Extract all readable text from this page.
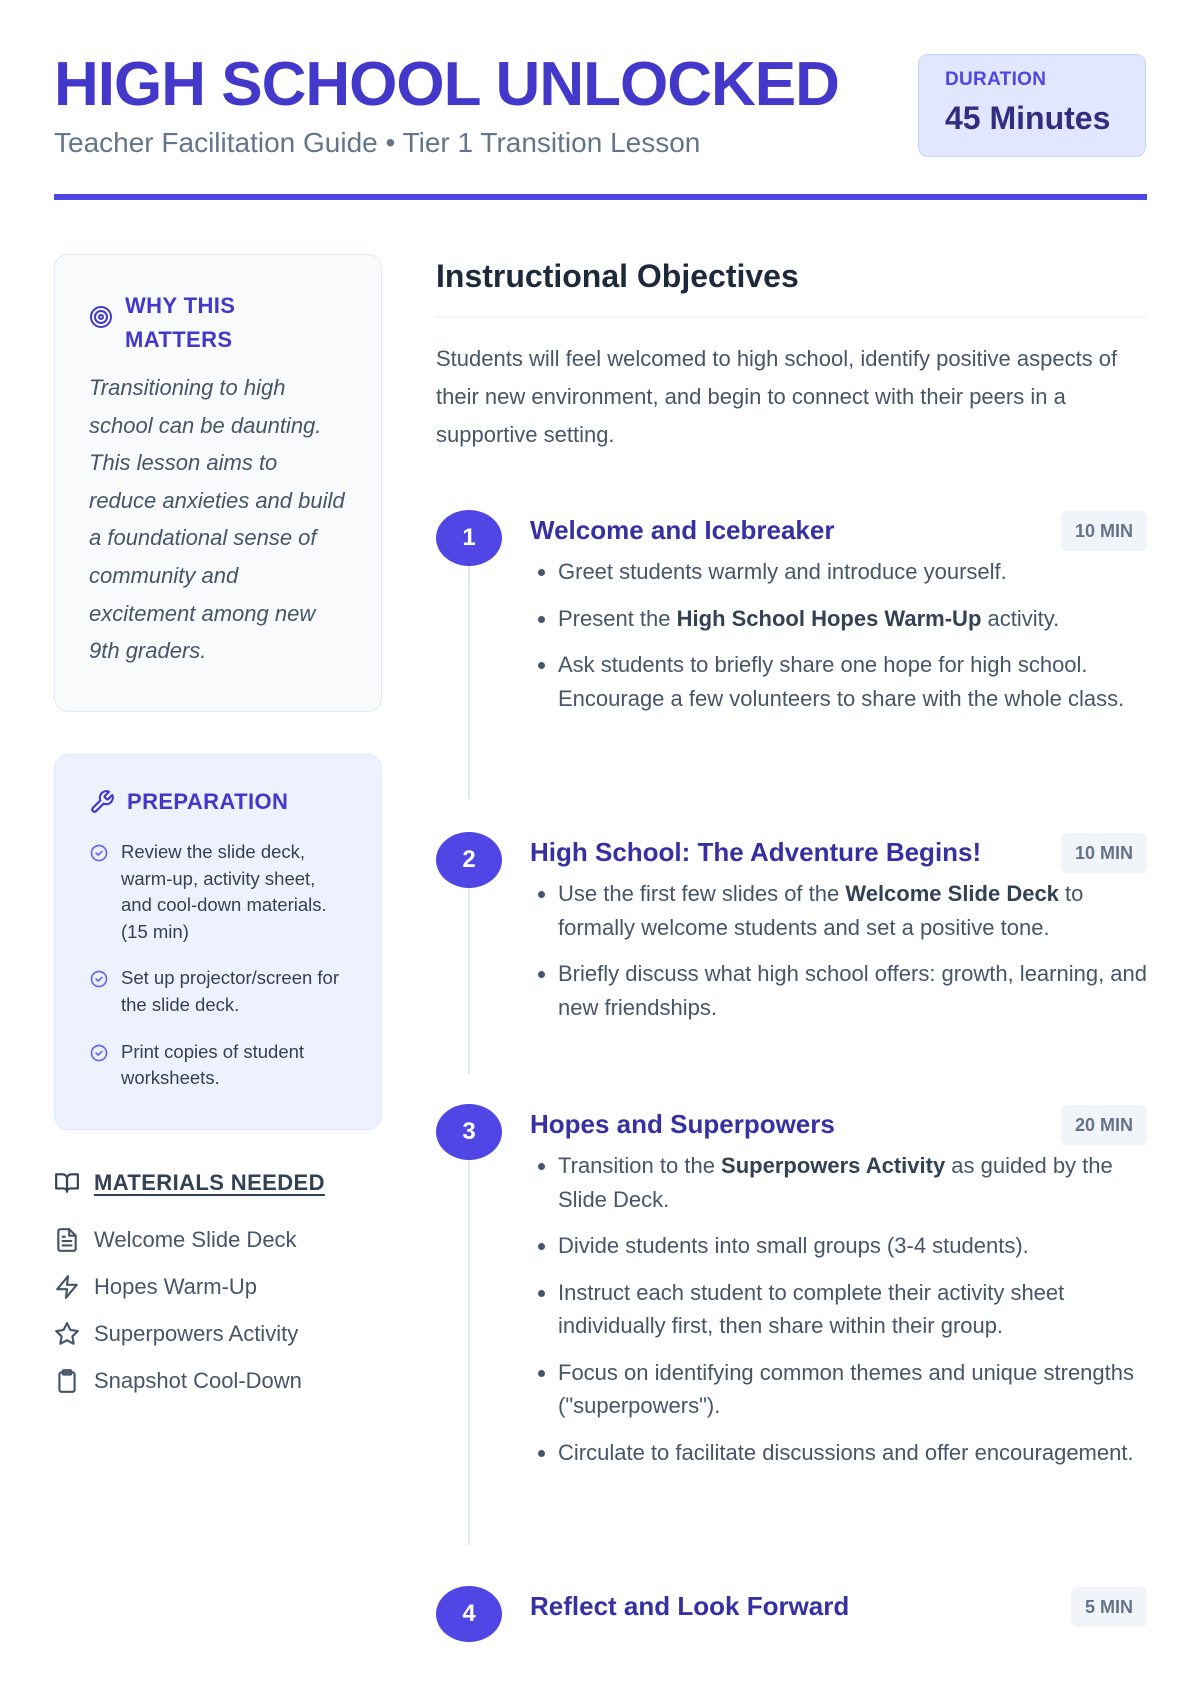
HIGH SCHOOL UNLOCKED
Teacher Facilitation Guide • Tier 1 Transition Lesson
DURATION
45 Minutes
WHY THIS MATTERS

Transitioning to high school can be daunting. This lesson aims to reduce anxieties and build a foundational sense of community and excitement among new 9th graders.

PREPARATION
Review the slide deck, warm-up, activity sheet, and cool-down materials. (15 min)
Set up projector/screen for the slide deck.
Print copies of student worksheets.
MATERIALS NEEDED
Welcome Slide Deck
Hopes Warm-Up
Superpowers Activity
Snapshot Cool-Down
Instructional Objectives

Students will feel welcomed to high school, identify positive aspects of their new environment, and begin to connect with their peers in a supportive setting.

1	Welcome and Icebreaker	10 MIN
• Greet students warmly and introduce yourself.
• Present the High School Hopes Warm-Up activity.
• Ask students to briefly share one hope for high school. Encourage a few volunteers to share with the whole class.
2	High School: The Adventure Begins!	10 MIN
• Use the first few slides of the Welcome Slide Deck to formally welcome students and set a positive tone.
• Briefly discuss what high school offers: growth, learning, and new friendships.
3	Hopes and Superpowers	20 MIN
• Transition to the Superpowers Activity as guided by the Slide Deck.
• Divide students into small groups (3-4 students).
• Instruct each student to complete their activity sheet individually first, then share within their group.
• Focus on identifying common themes and unique strengths ("superpowers").
• Circulate to facilitate discussions and offer encouragement.
4	Reflect and Look Forward	5 MIN
